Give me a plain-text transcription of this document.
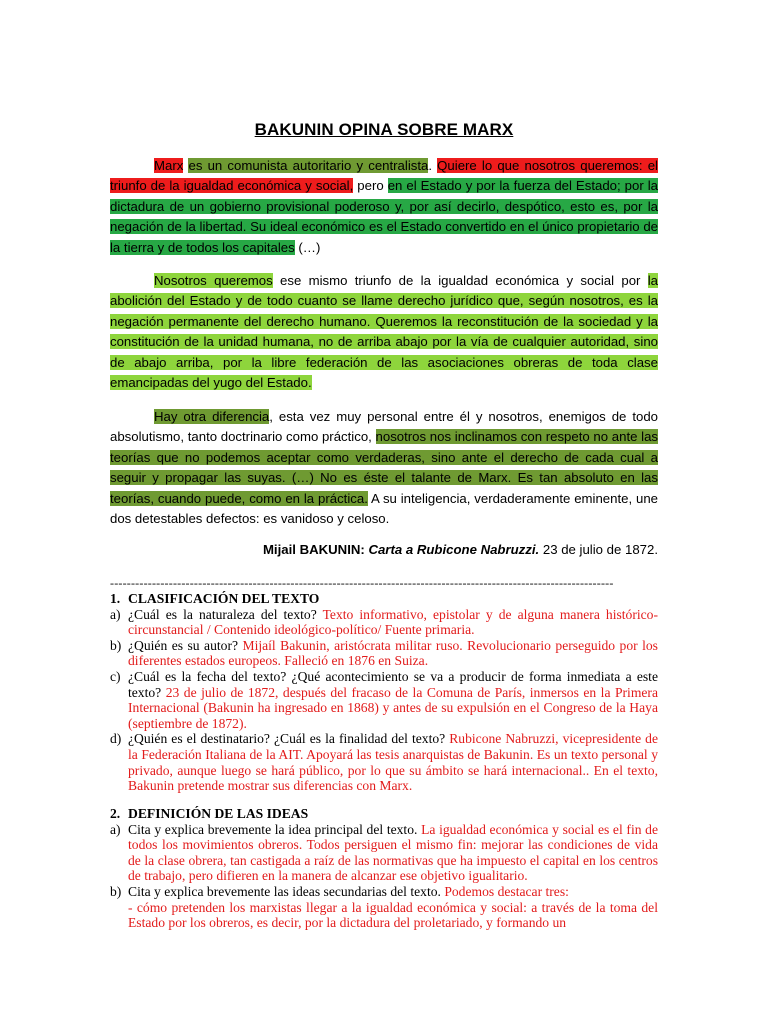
BAKUNIN OPINA SOBRE MARX
Marx es un comunista autoritario y centralista. Quiere lo que nosotros queremos: el triunfo de la igualdad económica y social, pero en el Estado y por la fuerza del Estado; por la dictadura de un gobierno provisional poderoso y, por así decirlo, despótico, esto es, por la negación de la libertad. Su ideal económico es el Estado convertido en el único propietario de la tierra y de todos los capitales (…)
Nosotros queremos ese mismo triunfo de la igualdad económica y social por la abolición del Estado y de todo cuanto se llame derecho jurídico que, según nosotros, es la negación permanente del derecho humano. Queremos la reconstitución de la sociedad y la constitución de la unidad humana, no de arriba abajo por la vía de cualquier autoridad, sino de abajo arriba, por la libre federación de las asociaciones obreras de toda clase emancipadas del yugo del Estado.
Hay otra diferencia, esta vez muy personal entre él y nosotros, enemigos de todo absolutismo, tanto doctrinario como práctico, nosotros nos inclinamos con respeto no ante las teorías que no podemos aceptar como verdaderas, sino ante el derecho de cada cual a seguir y propagar las suyas. (…) No es éste el talante de Marx. Es tan absoluto en las teorías, cuando puede, como en la práctica. A su inteligencia, verdaderamente eminente, une dos detestables defectos: es vanidoso y celoso.
Mijail BAKUNIN: Carta a Rubicone Nabruzzi. 23 de julio de 1872.
------------------------------------------------------------------------------------------------------------------------
1. CLASIFICACIÓN DEL TEXTO
a) ¿Cuál es la naturaleza del texto? Texto informativo, epistolar y de alguna manera histórico-circunstancial / Contenido ideológico-político/ Fuente primaria.
b) ¿Quién es su autor? Mijaíl Bakunin, aristócrata militar ruso. Revolucionario perseguido por los diferentes estados europeos. Falleció en 1876 en Suiza.
c) ¿Cuál es la fecha del texto? ¿Qué acontecimiento se va a producir de forma inmediata a este texto? 23 de julio de 1872, después del fracaso de la Comuna de París, inmersos en la Primera Internacional (Bakunin ha ingresado en 1868) y antes de su expulsión en el Congreso de la Haya (septiembre de 1872).
d) ¿Quién es el destinatario? ¿Cuál es la finalidad del texto? Rubicone Nabruzzi, vicepresidente de la Federación Italiana de la AIT. Apoyará las tesis anarquistas de Bakunin. Es un texto personal y privado, aunque luego se hará público, por lo que su ámbito se hará internacional.. En el texto, Bakunin pretende mostrar sus diferencias con Marx.
2. DEFINICIÓN DE LAS IDEAS
a) Cita y explica brevemente la idea principal del texto. La igualdad económica y social es el fin de todos los movimientos obreros. Todos persiguen el mismo fin: mejorar las condiciones de vida de la clase obrera, tan castigada a raíz de las normativas que ha impuesto el capital en los centros de trabajo, pero difieren en la manera de alcanzar ese objetivo igualitario.
b) Cita y explica brevemente las ideas secundarias del texto. Podemos destacar tres:
- cómo pretenden los marxistas llegar a la igualdad económica y social: a través de la toma del Estado por los obreros, es decir, por la dictadura del proletariado, y formando un
